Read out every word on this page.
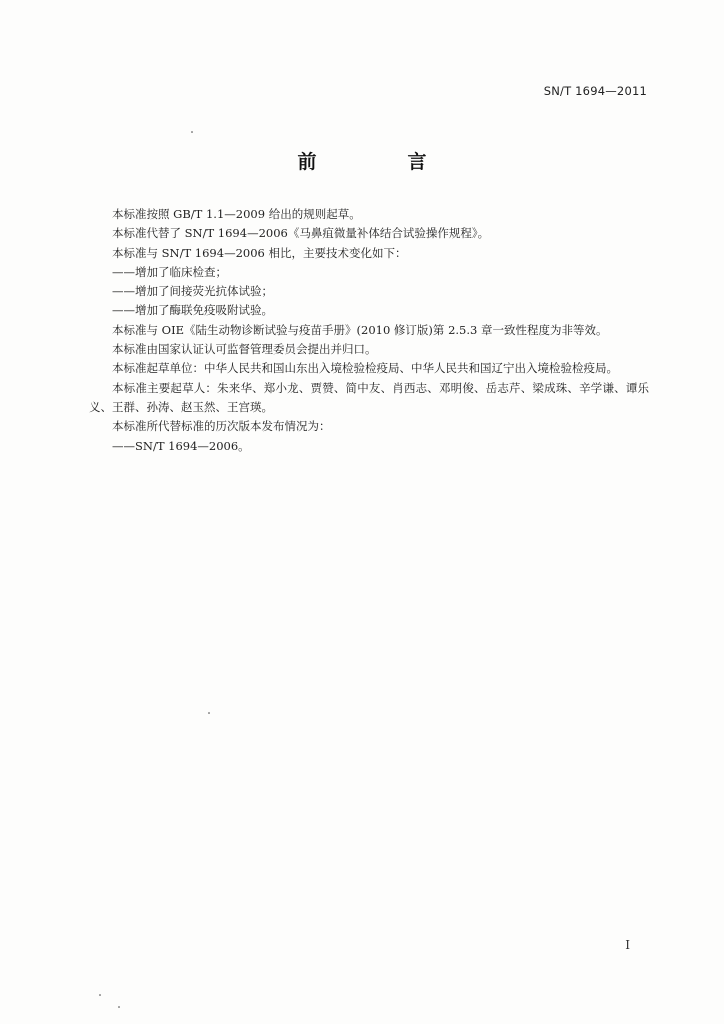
SN/T 1694—2011
前　言

本标准按照 GB/T 1.1—2009 给出的规则起草。

本标准代替了 SN/T 1694—2006《马鼻疽微量补体结合试验操作规程》。

本标准与 SN/T 1694—2006 相比，主要技术变化如下：

——增加了临床检查；

——增加了间接荧光抗体试验；

——增加了酶联免疫吸附试验。

本标准与 OIE《陆生动物诊断试验与疫苗手册》(2010 修订版)第 2.5.3 章一致性程度为非等效。

本标准由国家认证认可监督管理委员会提出并归口。

本标准起草单位：中华人民共和国山东出入境检验检疫局、中华人民共和国辽宁出入境检验检疫局。

本标准主要起草人：朱来华、郑小龙、贾赞、简中友、肖西志、邓明俊、岳志芹、梁成珠、辛学谦、谭乐义、王群、孙涛、赵玉然、王宫瑛。

本标准所代替标准的历次版本发布情况为：

——SN/T 1694—2006。

I
